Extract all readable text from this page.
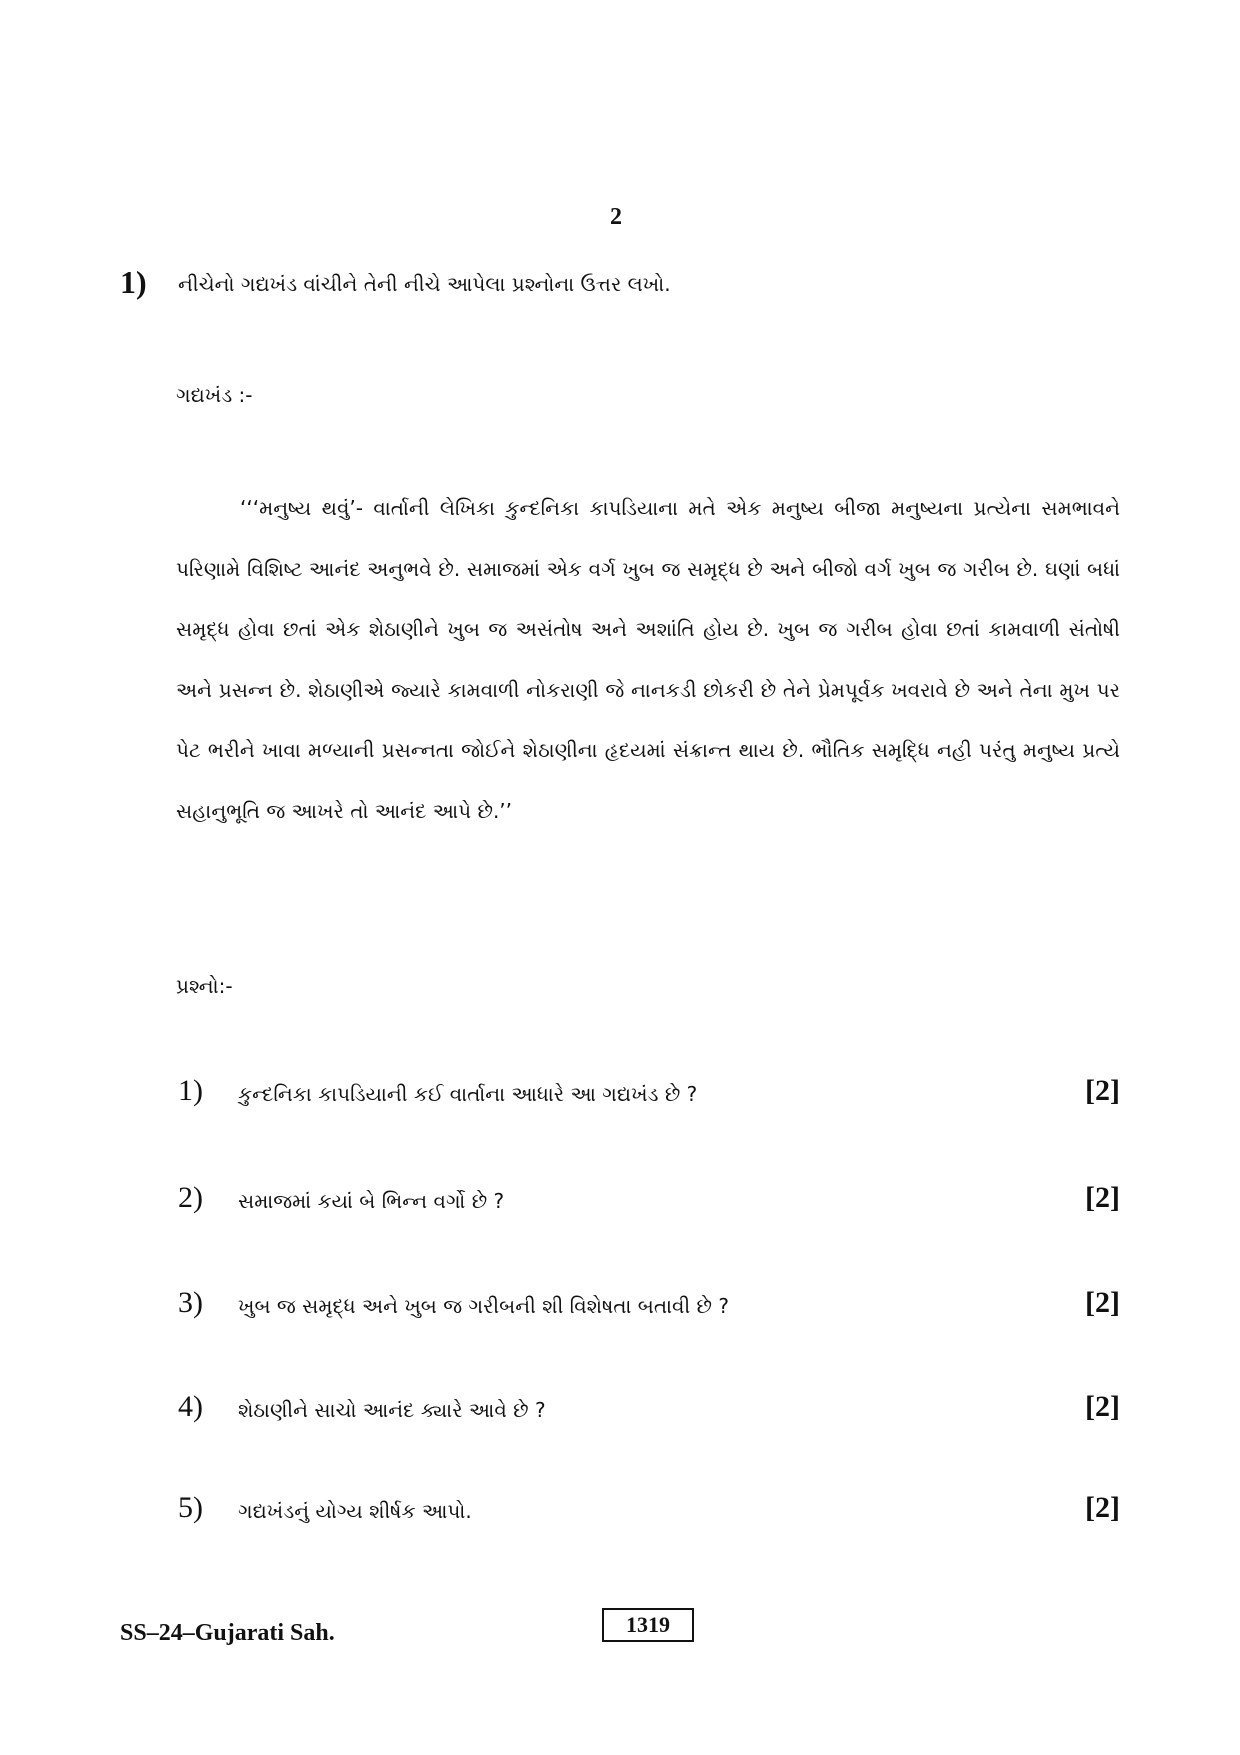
2
1) નીચેનો ગદ્યખંડ વાંચીને તેની નીચે આપેલા પ્રશ્નોના ઉત્તર લખો.
ગદ્યખંડ :-

‘‘‘મનુષ્ય થવું’- વાર્તાની લેખિકા કુન્દનિકા કાપડિયાના મતે એક મનુષ્ય બીજા મનુષ્યના પ્રત્યેના સમભાવને પરિણામે વિશિષ્ટ આનંદ અનુભવે છે. સમાજમાં એક વર્ગ ખુબ જ સમૃદ્ધ છે અને બીજો વર્ગ ખુબ જ ગરીબ છે. ઘણાં બધાં સમૃદ્ધ હોવા છતાં એક શેઠાણીને ખુબ જ અસંતોષ અને અશાંતિ હોય છે. ખુબ જ ગરીબ હોવા છતાં કામવાળી સંતોષી અને પ્રસન્ન છે. શેઠાણીએ જ્યારે કામવાળી નોકરાણી જે નાનકડી છોકરી છે તેને પ્રેમપૂર્વક ખવરાવે છે અને તેના મુખ પર પેટ ભરીને ખાવા મળ્યાની પ્રસન્નતા જોઈને શેઠાણીના હૃદયમાં સંક્રાન્ત થાય છે. ભૌતિક સમૃદ્ધિ નહી પરંતુ મનુષ્ય પ્રત્યે સહાનુભૂતિ જ આખરે તો આનંદ આપે છે.’’

પ્રશ્નો:-
1) કુન્દનિકા કાપડિયાની કઈ વાર્તાના આધારે આ ગદ્યખંડ છે ?	[2]
2) સમાજમાં કયાં બે ભિન્ન વર્ગો છે ?	[2]
3) ખુબ જ સમૃદ્ધ અને ખુબ જ ગરીબની શી વિશેષતા બતાવી છે ?	[2]
4) શેઠાણીને સાચો આનંદ ક્યારે આવે છે ?	[2]
5) ગદ્યખંડનું યોગ્ય શીર્ષક આપો.	[2]
SS–24–Gujarati Sah.	1319
